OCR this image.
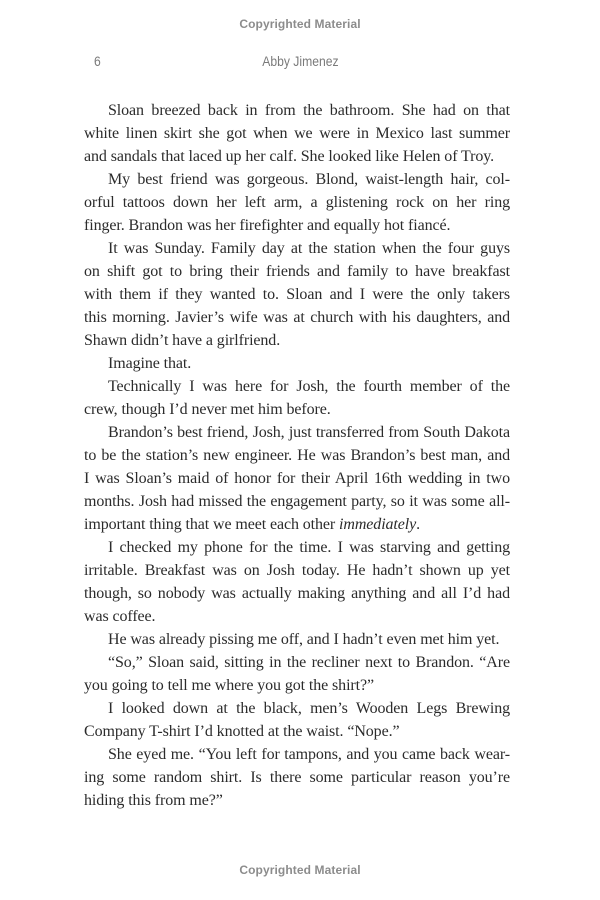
Copyrighted Material
6	Abby Jimenez
Sloan breezed back in from the bathroom. She had on that
white linen skirt she got when we were in Mexico last summer
and sandals that laced up her calf. She looked like Helen of Troy.
My best friend was gorgeous. Blond, waist-length hair, col-
orful tattoos down her left arm, a glistening rock on her ring
finger. Brandon was her firefighter and equally hot fiancé.
It was Sunday. Family day at the station when the four guys
on shift got to bring their friends and family to have breakfast
with them if they wanted to. Sloan and I were the only takers
this morning. Javier’s wife was at church with his daughters, and
Shawn didn’t have a girlfriend.
Imagine that.
Technically I was here for Josh, the fourth member of the
crew, though I’d never met him before.
Brandon’s best friend, Josh, just transferred from South Dakota
to be the station’s new engineer. He was Brandon’s best man, and
I was Sloan’s maid of honor for their April 16th wedding in two
months. Josh had missed the engagement party, so it was some all-
important thing that we meet each other immediately.
I checked my phone for the time. I was starving and getting
irritable. Breakfast was on Josh today. He hadn’t shown up yet
though, so nobody was actually making anything and all I’d had
was coffee.
He was already pissing me off, and I hadn’t even met him yet.
“So,” Sloan said, sitting in the recliner next to Brandon. “Are
you going to tell me where you got the shirt?”
I looked down at the black, men’s Wooden Legs Brewing
Company T-shirt I’d knotted at the waist. “Nope.”
She eyed me. “You left for tampons, and you came back wear-
ing some random shirt. Is there some particular reason you’re
hiding this from me?”
Copyrighted Material
